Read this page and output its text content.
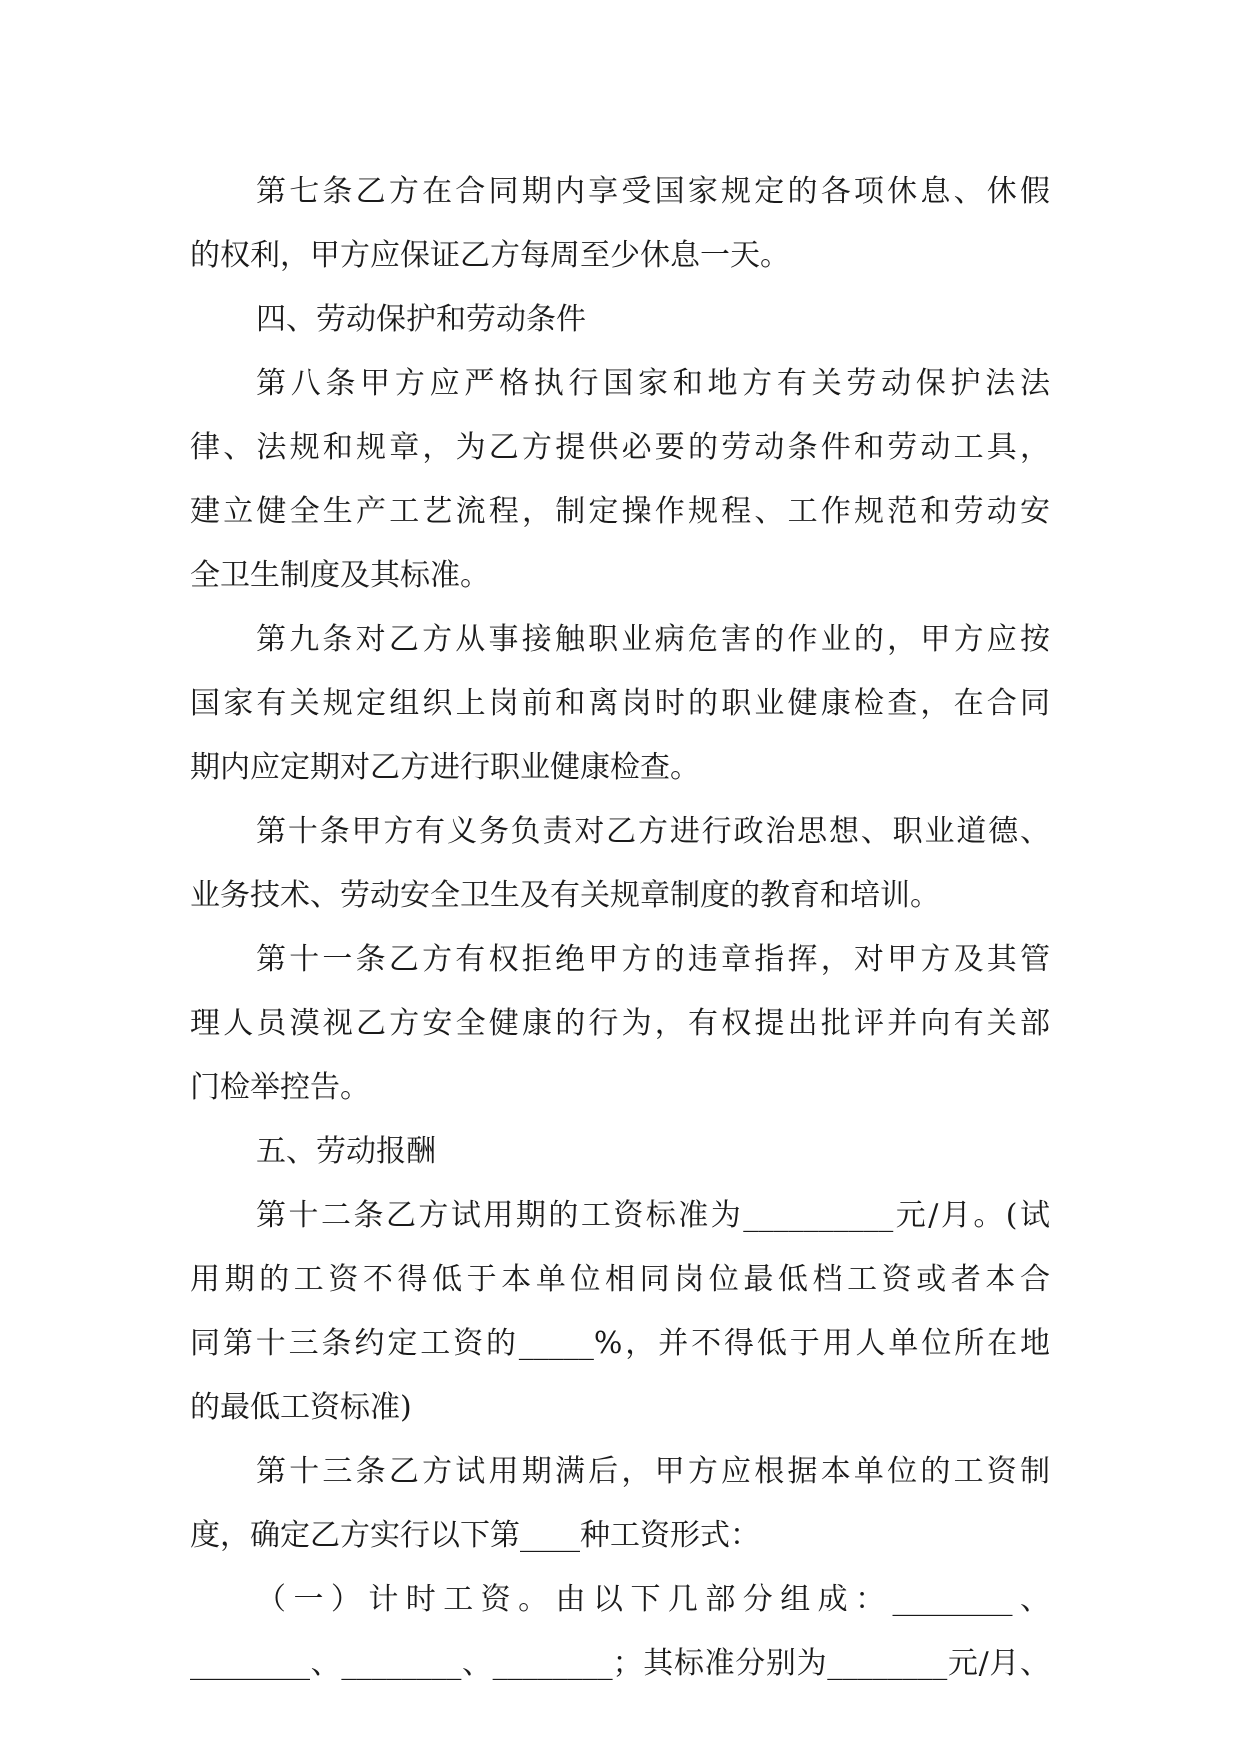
第七条乙方在合同期内享受国家规定的各项休息、休假
的权利，甲方应保证乙方每周至少休息一天。
四、劳动保护和劳动条件
第八条甲方应严格执行国家和地方有关劳动保护法法
律、法规和规章，为乙方提供必要的劳动条件和劳动工具，
建立健全生产工艺流程，制定操作规程、工作规范和劳动安
全卫生制度及其标准。
第九条对乙方从事接触职业病危害的作业的，甲方应按
国家有关规定组织上岗前和离岗时的职业健康检查，在合同
期内应定期对乙方进行职业健康检查。
第十条甲方有义务负责对乙方进行政治思想、职业道德、
业务技术、劳动安全卫生及有关规章制度的教育和培训。
第十一条乙方有权拒绝甲方的违章指挥，对甲方及其管
理人员漠视乙方安全健康的行为，有权提出批评并向有关部
门检举控告。
五、劳动报酬
第十二条乙方试用期的工资标准为__________元/月。(试
用期的工资不得低于本单位相同岗位最低档工资或者本合
同第十三条约定工资的_____%，并不得低于用人单位所在地
的最低工资标准)
第十三条乙方试用期满后，甲方应根据本单位的工资制
度，确定乙方实行以下第____种工资形式：
（一）计时工资。由以下几部分组成：________、
________、________、________；其标准分别为________元/月、
